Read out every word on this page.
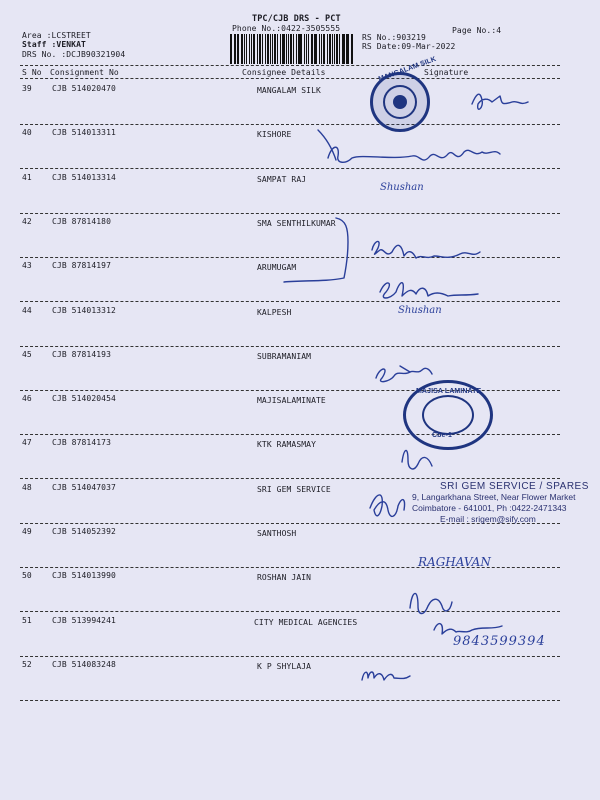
TPC/CJB DRS - PCT
Phone No.:0422-3505555	Page No.:4
Area :LCSTREET
Staff :VENKAT
DRS No. :DCJB90321904
RS No.:903219
RS Date:09-Mar-2022
S No Consignment No	Consignee Details	Signature
39	CJB 514020470	MANGALAM SILK
40	CJB 514013311	KISHORE
41	CJB 514013314	SAMPAT RAJ
42	CJB 87814180	SMA SENTHILKUMAR
43	CJB 87814197	ARUMUGAM
44	CJB 514013312	KALPESH
45	CJB 87814193	SUBRAMANIAM
46	CJB 514020454	MAJISALAMINATE
47	CJB 87814173	KTK RAMASMAY
48	CJB 514047037	SRI GEM SERVICE
49	CJB 514052392	SANTHOSH
50	CJB 514013990	ROSHAN JAIN
51	CJB 513994241	CITY MEDICAL AGENCIES
52	CJB 514083248	K P SHYLAJA
MANGALAM SILK
MAJISA LAMINATE
Cbe-1
SRI GEM SERVICE / SPARES
9, Langarkhana Street, Near Flower Market
Coimbatore - 641001, Ph :0422-2471343
E-mail : srigem@sify.com
Shushan
Shushan
RAGHAVAN
9843599394
